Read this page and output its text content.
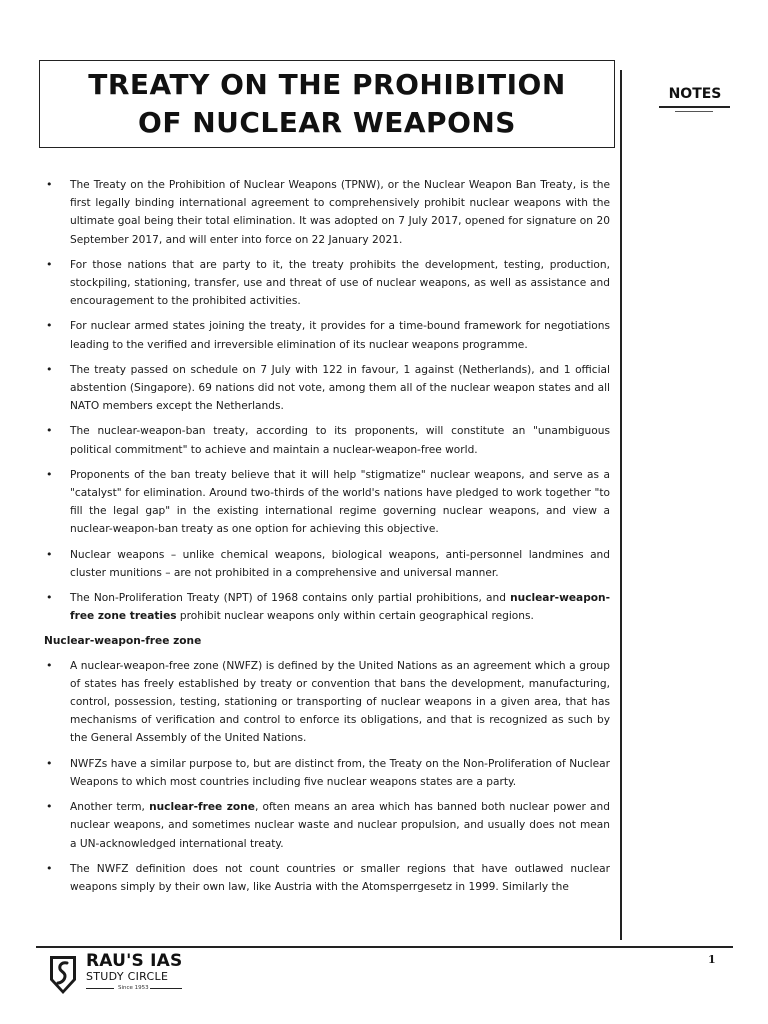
TREATY ON THE PROHIBITION
OF NUCLEAR WEAPONS
NOTES
• The Treaty on the Prohibition of Nuclear Weapons (TPNW), or the Nuclear Weapon Ban Treaty, is the first legally binding international agreement to comprehensively prohibit nuclear weapons with the ultimate goal being their total elimination. It was adopted on 7 July 2017, opened for signature on 20 September 2017, and will enter into force on 22 January 2021.
• For those nations that are party to it, the treaty prohibits the development, testing, production, stockpiling, stationing, transfer, use and threat of use of nuclear weapons, as well as assistance and encouragement to the prohibited activities.
• For nuclear armed states joining the treaty, it provides for a time-bound framework for negotiations leading to the verified and irreversible elimination of its nuclear weapons programme.
• The treaty passed on schedule on 7 July with 122 in favour, 1 against (Netherlands), and 1 official abstention (Singapore). 69 nations did not vote, among them all of the nuclear weapon states and all NATO members except the Netherlands.
• The nuclear-weapon-ban treaty, according to its proponents, will constitute an "unambiguous political commitment" to achieve and maintain a nuclear-weapon-free world.
• Proponents of the ban treaty believe that it will help "stigmatize" nuclear weapons, and serve as a "catalyst" for elimination. Around two-thirds of the world's nations have pledged to work together "to fill the legal gap" in the existing international regime governing nuclear weapons, and view a nuclear-weapon-ban treaty as one option for achieving this objective.
• Nuclear weapons – unlike chemical weapons, biological weapons, anti-personnel landmines and cluster munitions – are not prohibited in a comprehensive and universal manner.
• The Non-Proliferation Treaty (NPT) of 1968 contains only partial prohibitions, and nuclear-weapon-free zone treaties prohibit nuclear weapons only within certain geographical regions.
Nuclear-weapon-free zone
• A nuclear-weapon-free zone (NWFZ) is defined by the United Nations as an agreement which a group of states has freely established by treaty or convention that bans the development, manufacturing, control, possession, testing, stationing or transporting of nuclear weapons in a given area, that has mechanisms of verification and control to enforce its obligations, and that is recognized as such by the General Assembly of the United Nations.
• NWFZs have a similar purpose to, but are distinct from, the Treaty on the Non-Proliferation of Nuclear Weapons to which most countries including five nuclear weapons states are a party.
• Another term, nuclear-free zone, often means an area which has banned both nuclear power and nuclear weapons, and sometimes nuclear waste and nuclear propulsion, and usually does not mean a UN-acknowledged international treaty.
• The NWFZ definition does not count countries or smaller regions that have outlawed nuclear weapons simply by their own law, like Austria with the Atomsperrgesetz in 1999. Similarly the
RAU'S IAS
STUDY CIRCLE
Since 1953
1
